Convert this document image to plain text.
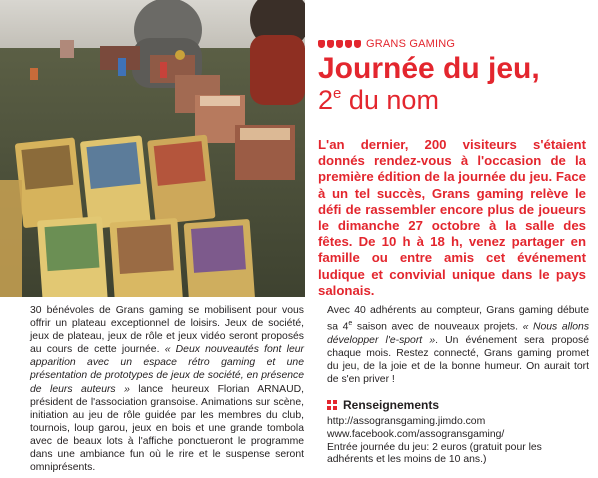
GRANS GAMING
Journée du jeu,
2e du nom

L'an dernier, 200 visiteurs s'étaient donnés rendez-vous à l'occasion de la première édition de la journée du jeu. Face à un tel succès, Grans gaming relève le défi de rassembler encore plus de joueurs le dimanche 27 octobre à la salle des fêtes. De 10 h à 18 h, venez partager en famille ou entre amis cet événement ludique et convivial unique dans le pays salonais.

30 bénévoles de Grans gaming se mobilisent pour vous offrir un plateau exceptionnel de loisirs. Jeux de société, jeux de plateau, jeux de rôle et jeux vidéo seront proposés au cours de cette journée. « Deux nouveautés font leur apparition avec un espace rétro gaming et une présentation de prototypes de jeux de société, en présence de leurs auteurs » lance heureux Florian ARNAUD, président de l'association gransoise. Animations sur scène, initiation au jeu de rôle guidée par les membres du club, tournois, loup garou, jeux en bois et une grande tombola avec de beaux lots à l'affiche ponctueront le programme dans une ambiance fun où le rire et le suspense seront omniprésents.

Avec 40 adhérents au compteur, Grans gaming débute sa 4e saison avec de nouveaux projets. « Nous allons développer l'e-sport ». Un événement sera proposé chaque mois. Restez connecté, Grans gaming promet du jeu, de la joie et de la bonne humeur. On aurait tort de s'en priver !

Renseignements
http://assogransgaming.jimdo.com
www.facebook.com/assogransgaming/
Entrée journée du jeu: 2 euros (gratuit pour les adhérents et les moins de 10 ans.)
